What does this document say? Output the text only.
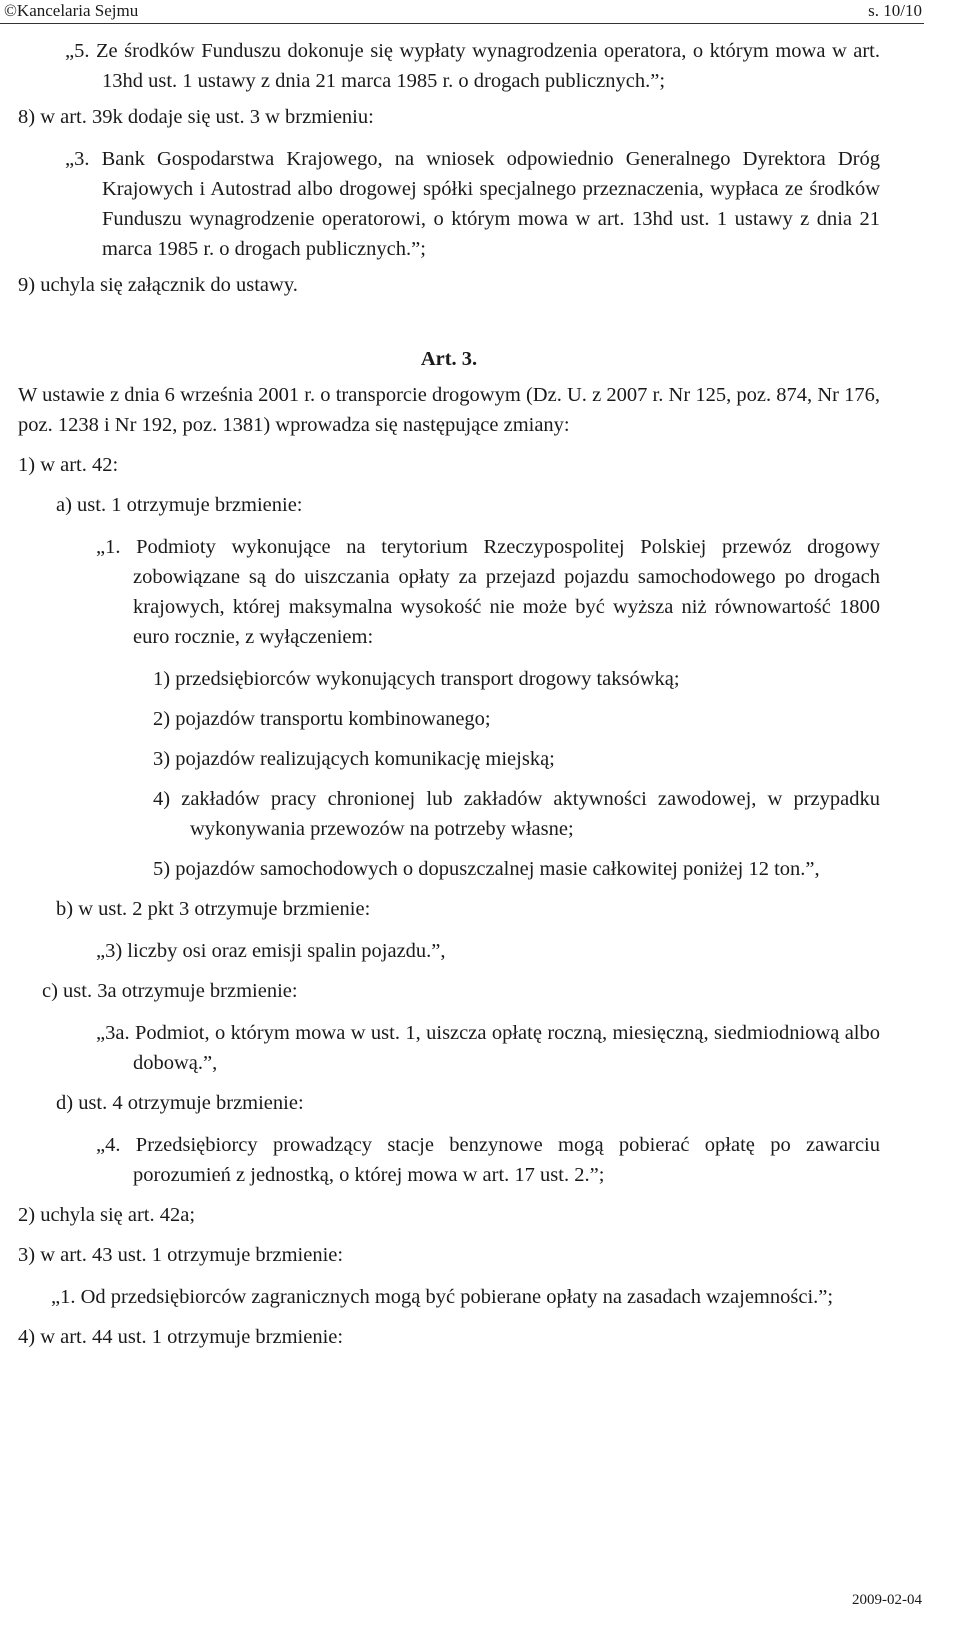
©Kancelaria Sejmu	s. 10/10

„5. Ze środków Funduszu dokonuje się wypłaty wynagrodzenia operatora, o którym mowa w art. 13hd ust. 1 ustawy z dnia 21 marca 1985 r. o drogach publicznych.”;

8) w art. 39k dodaje się ust. 3 w brzmieniu:

„3. Bank Gospodarstwa Krajowego, na wniosek odpowiednio Generalnego Dyrektora Dróg Krajowych i Autostrad albo drogowej spółki specjalnego przeznaczenia, wypłaca ze środków Funduszu wynagrodzenie operatorowi, o którym mowa w art. 13hd ust. 1 ustawy z dnia 21 marca 1985 r. o drogach publicznych.”;

9) uchyla się załącznik do ustawy.

Art. 3.

W ustawie z dnia 6 września 2001 r. o transporcie drogowym (Dz. U. z 2007 r. Nr 125, poz. 874, Nr 176, poz. 1238 i Nr 192, poz. 1381) wprowadza się następujące zmiany:

1) w art. 42:

a) ust. 1 otrzymuje brzmienie:

„1. Podmioty wykonujące na terytorium Rzeczypospolitej Polskiej przewóz drogowy zobowiązane są do uiszczania opłaty za przejazd pojazdu samochodowego po drogach krajowych, której maksymalna wysokość nie może być wyższa niż równowartość 1800 euro rocznie, z wyłączeniem:

1) przedsiębiorców wykonujących transport drogowy taksówką;

2) pojazdów transportu kombinowanego;

3) pojazdów realizujących komunikację miejską;

4) zakładów pracy chronionej lub zakładów aktywności zawodowej, w przypadku wykonywania przewozów na potrzeby własne;

5) pojazdów samochodowych o dopuszczalnej masie całkowitej poniżej 12 ton.”,

b) w ust. 2 pkt 3 otrzymuje brzmienie:

„3) liczby osi oraz emisji spalin pojazdu.”,

c) ust. 3a otrzymuje brzmienie:

„3a. Podmiot, o którym mowa w ust. 1, uiszcza opłatę roczną, miesięczną, siedmiodniową albo dobową.”,

d) ust. 4 otrzymuje brzmienie:

„4. Przedsiębiorcy prowadzący stacje benzynowe mogą pobierać opłatę po zawarciu porozumień z jednostką, o której mowa w art. 17 ust. 2.”;

2) uchyla się art. 42a;

3) w art. 43 ust. 1 otrzymuje brzmienie:

„1. Od przedsiębiorców zagranicznych mogą być pobierane opłaty na zasadach wzajemności.”;

4) w art. 44 ust. 1 otrzymuje brzmienie:

2009-02-04
